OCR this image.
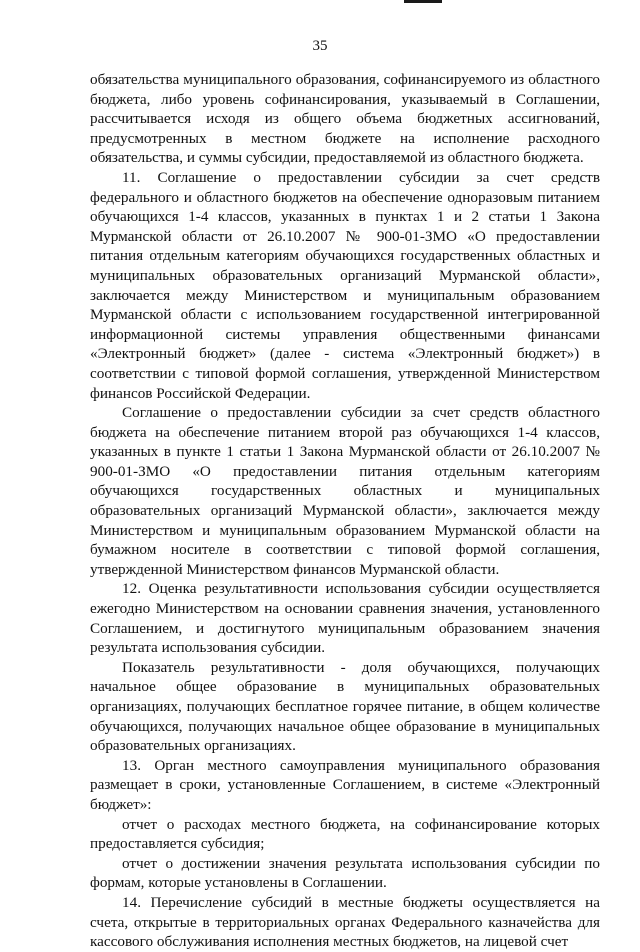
35

обязательства муниципального образования, софинансируемого из областного бюджета, либо уровень софинансирования, указываемый в Соглашении, рассчитывается исходя из общего объема бюджетных ассигнований, предусмотренных в местном бюджете на исполнение расходного обязательства, и суммы субсидии, предоставляемой из областного бюджета.

11. Соглашение о предоставлении субсидии за счет средств федерального и областного бюджетов на обеспечение одноразовым питанием обучающихся 1-4 классов, указанных в пунктах 1 и 2 статьи 1 Закона Мурманской области от 26.10.2007 № 900-01-ЗМО «О предоставлении питания отдельным категориям обучающихся государственных областных и муниципальных образовательных организаций Мурманской области», заключается между Министерством и муниципальным образованием Мурманской области с использованием государственной интегрированной информационной системы управления общественными финансами «Электронный бюджет» (далее - система «Электронный бюджет») в соответствии с типовой формой соглашения, утвержденной Министерством финансов Российской Федерации.

Соглашение о предоставлении субсидии за счет средств областного бюджета на обеспечение питанием второй раз обучающихся 1-4 классов, указанных в пункте 1 статьи 1 Закона Мурманской области от 26.10.2007 № 900-01-ЗМО «О предоставлении питания отдельным категориям обучающихся государственных областных и муниципальных образовательных организаций Мурманской области», заключается между Министерством и муниципальным образованием Мурманской области на бумажном носителе в соответствии с типовой формой соглашения, утвержденной Министерством финансов Мурманской области.

12. Оценка результативности использования субсидии осуществляется ежегодно Министерством на основании сравнения значения, установленного Соглашением, и достигнутого муниципальным образованием значения результата использования субсидии.

Показатель результативности - доля обучающихся, получающих начальное общее образование в муниципальных образовательных организациях, получающих бесплатное горячее питание, в общем количестве обучающихся, получающих начальное общее образование в муниципальных образовательных организациях.

13. Орган местного самоуправления муниципального образования размещает в сроки, установленные Соглашением, в системе «Электронный бюджет»:

отчет о расходах местного бюджета, на софинансирование которых предоставляется субсидия;

отчет о достижении значения результата использования субсидии по формам, которые установлены в Соглашении.

14. Перечисление субсидий в местные бюджеты осуществляется на счета, открытые в территориальных органах Федерального казначейства для кассового обслуживания исполнения местных бюджетов, на лицевой счет
